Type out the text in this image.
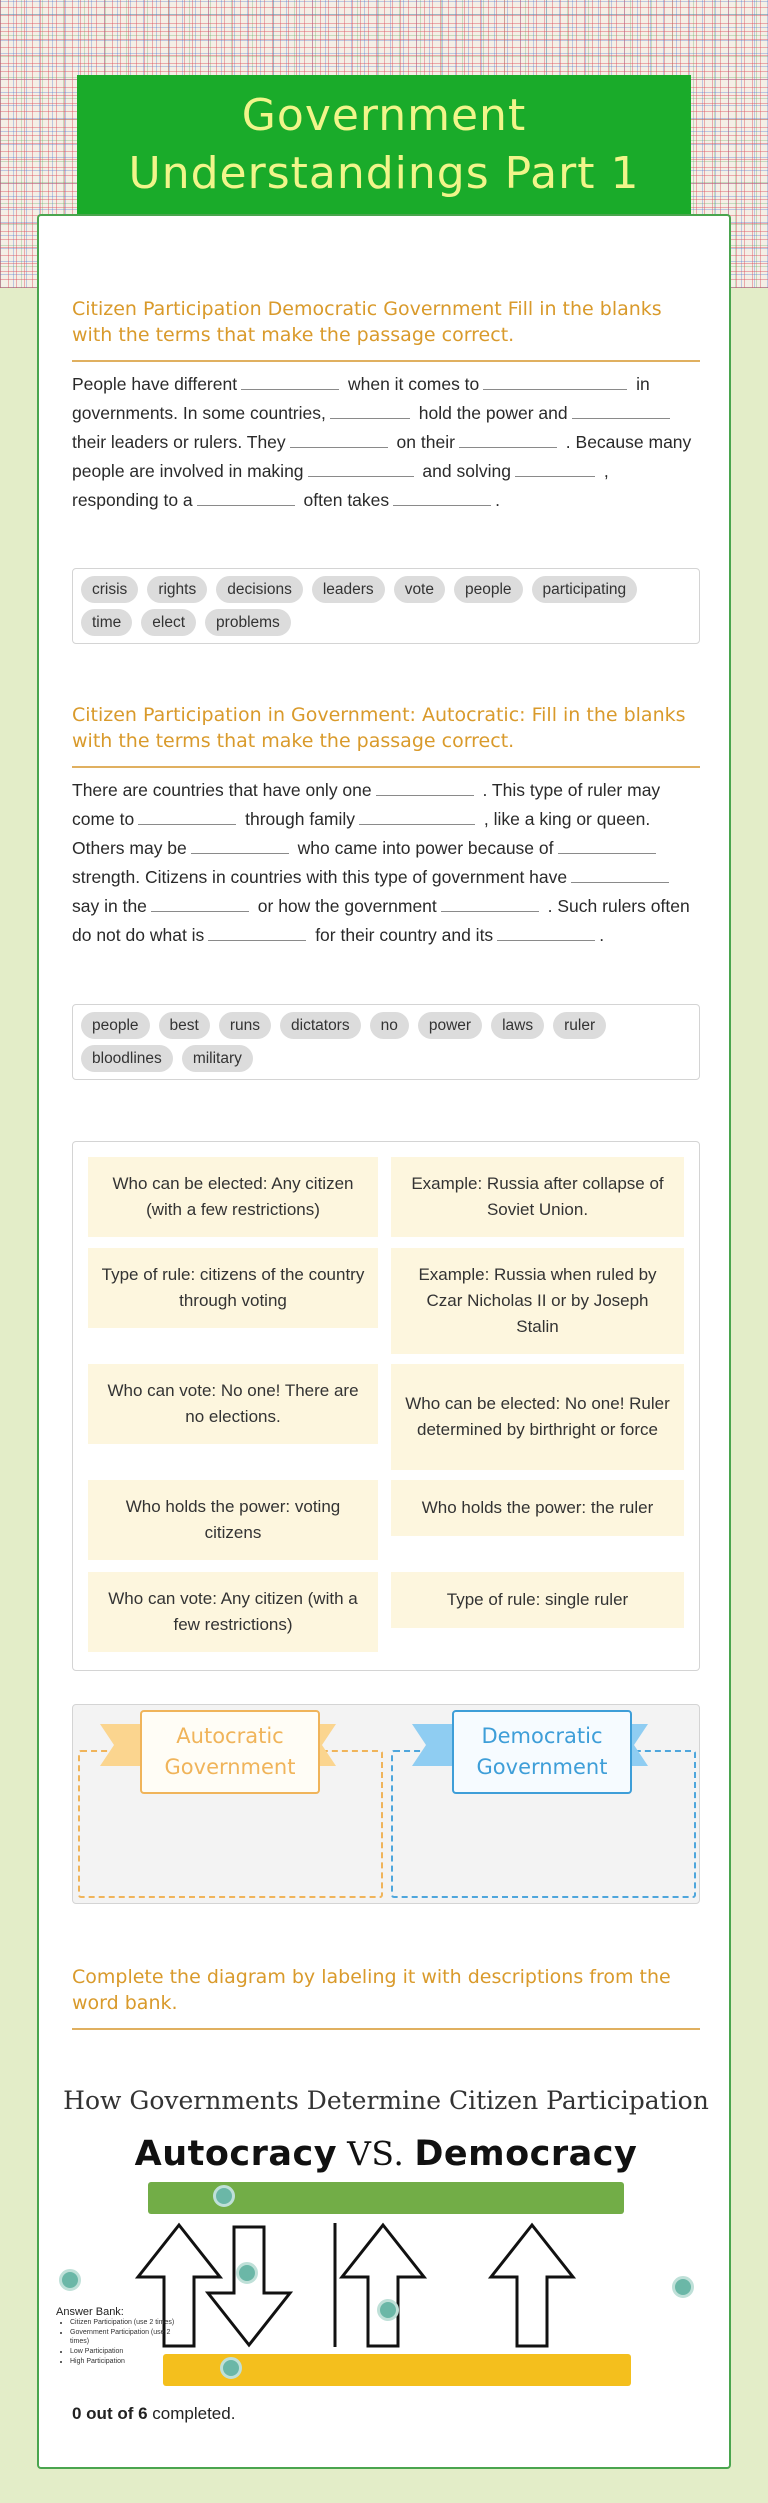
Government Understandings Part 1
Citizen Participation Democratic Government Fill in the blanks with the terms that make the passage correct.
People have different	when it comes to	in governments. In some countries,	hold the power and their leaders or rulers. They	on their	. Because many people are involved in making	and solving	, responding to a	often takes	.
crisis	rights	decisions	leaders	vote	people	participating
time	elect	problems
Citizen Participation in Government: Autocratic: Fill in the blanks with the terms that make the passage correct.
There are countries that have only one	. This type of ruler may come to	through family	, like a king or queen. Others may be	who came into power because of strength. Citizens in countries with this type of government have say in the	or how the government	. Such rulers often do not do what is	for their country and its	.
people	best	runs	dictators	no	power	laws	ruler
bloodlines	military
Who can be elected: Any citizen (with a few restrictions)
Example: Russia after collapse of Soviet Union.
Type of rule: citizens of the country through voting
Example: Russia when ruled by Czar Nicholas II or by Joseph Stalin
Who can vote: No one! There are no elections.
Who can be elected: No one! Ruler determined by birthright or force
Who holds the power: voting citizens
Who holds the power: the ruler
Who can vote: Any citizen (with a few restrictions)
Type of rule: single ruler
Autocratic Government
Democratic Government
Complete the diagram by labeling it with descriptions from the word bank.
How Governments Determine Citizen Participation
Autocracy VS. Democracy
Answer Bank:
• Citizen Participation (use 2 times)
• Government Participation (use 2 times)
• Low Participation
• High Participation
0 out of 6 completed.
